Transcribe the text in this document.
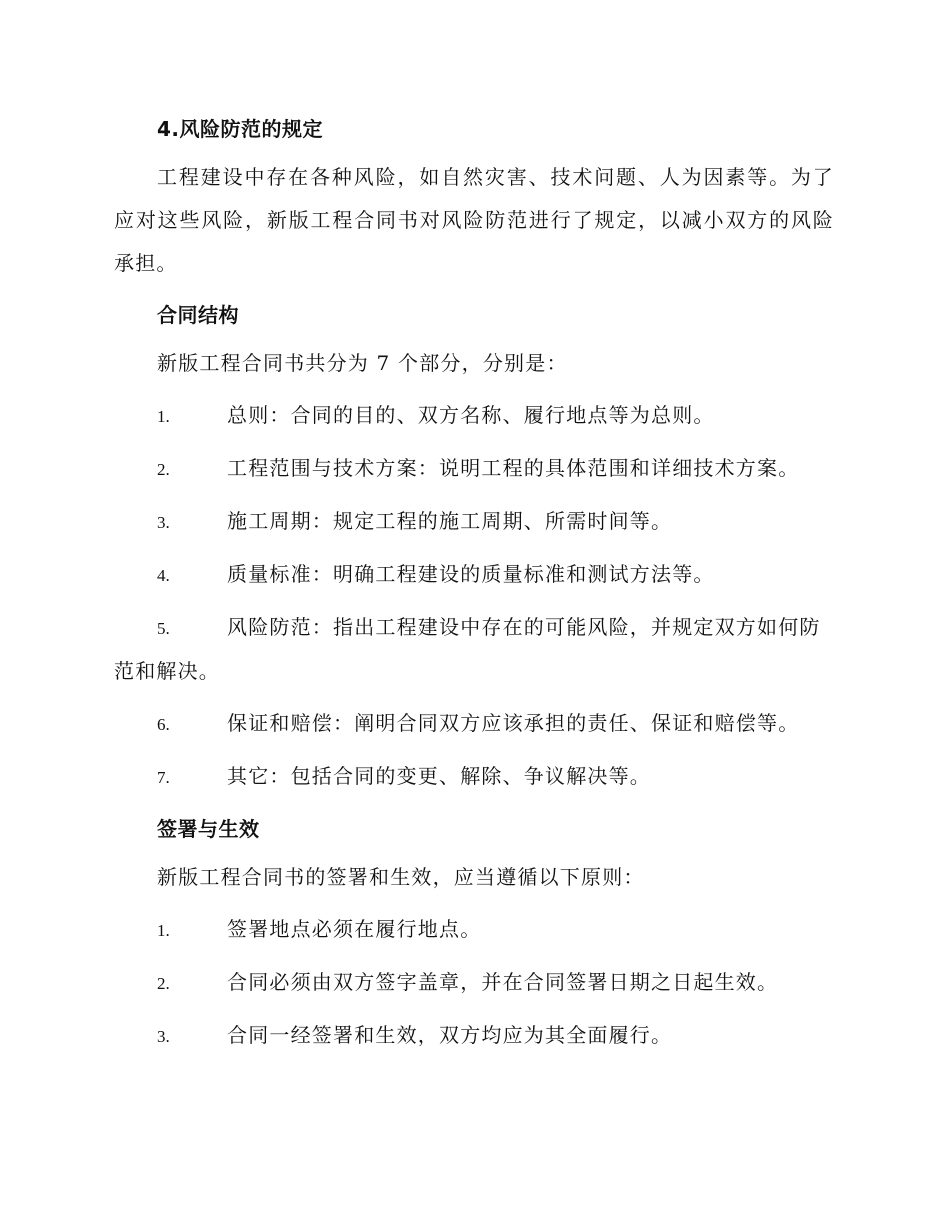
4.风险防范的规定
工程建设中存在各种风险，如自然灾害、技术问题、人为因素等。为了应对这些风险，新版工程合同书对风险防范进行了规定，以减小双方的风险承担。
合同结构
新版工程合同书共分为 7 个部分，分别是：
1.	总则：合同的目的、双方名称、履行地点等为总则。
2.	工程范围与技术方案：说明工程的具体范围和详细技术方案。
3.	施工周期：规定工程的施工周期、所需时间等。
4.	质量标准：明确工程建设的质量标准和测试方法等。
5.	风险防范：指出工程建设中存在的可能风险，并规定双方如何防范和解决。
6.	保证和赔偿：阐明合同双方应该承担的责任、保证和赔偿等。
7.	其它：包括合同的变更、解除、争议解决等。
签署与生效
新版工程合同书的签署和生效，应当遵循以下原则：
1.	签署地点必须在履行地点。
2.	合同必须由双方签字盖章，并在合同签署日期之日起生效。
3.	合同一经签署和生效，双方均应为其全面履行。
